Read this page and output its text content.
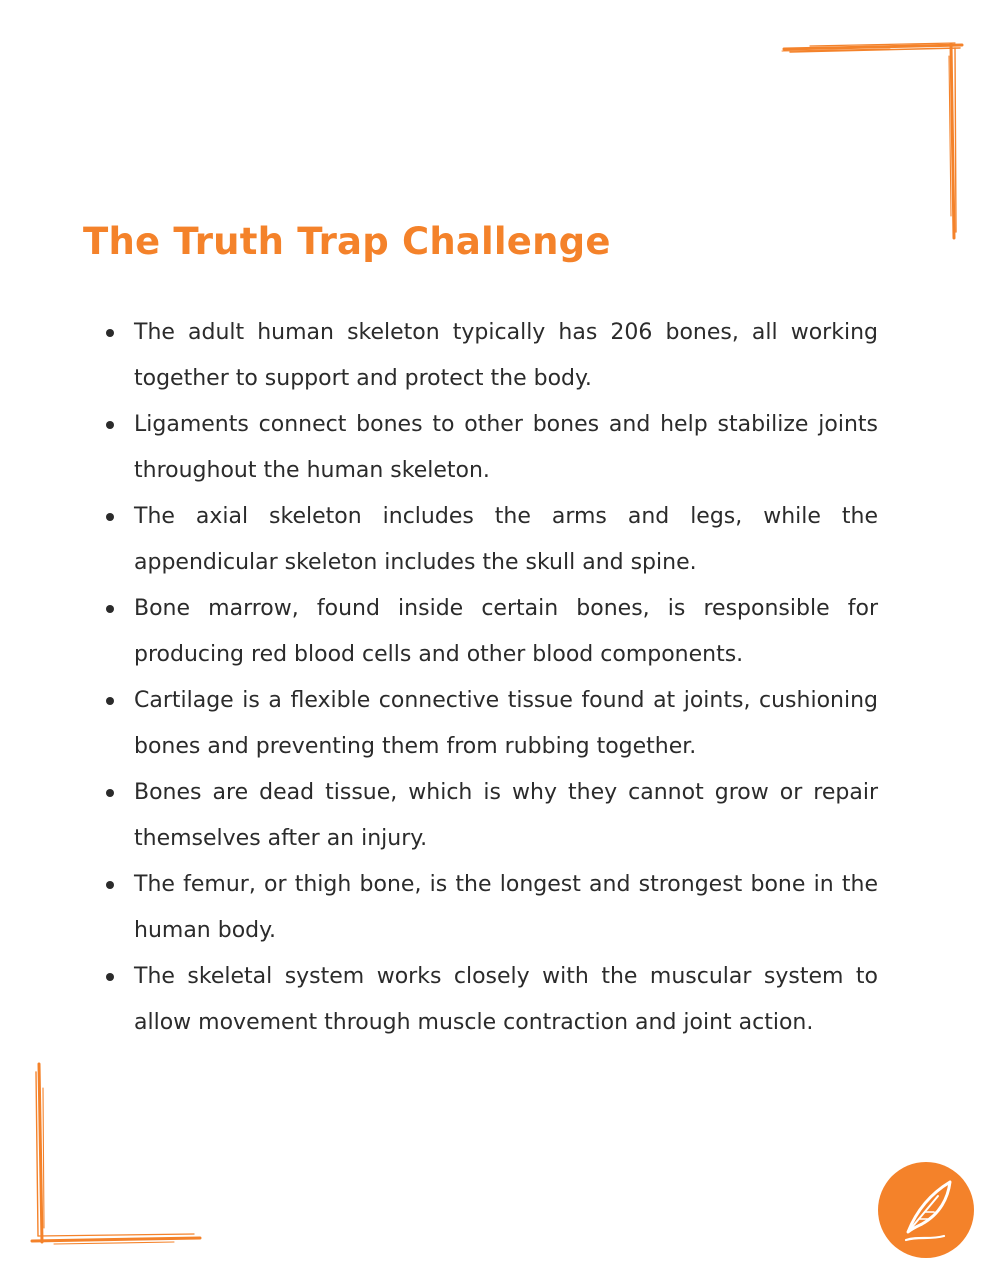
The Truth Trap Challenge
The adult human skeleton typically has 206 bones, all working together to support and protect the body.
Ligaments connect bones to other bones and help stabilize joints throughout the human skeleton.
The axial skeleton includes the arms and legs, while the appendicular skeleton includes the skull and spine.
Bone marrow, found inside certain bones, is responsible for producing red blood cells and other blood components.
Cartilage is a flexible connective tissue found at joints, cushioning bones and preventing them from rubbing together.
Bones are dead tissue, which is why they cannot grow or repair themselves after an injury.
The femur, or thigh bone, is the longest and strongest bone in the human body.
The skeletal system works closely with the muscular system to allow movement through muscle contraction and joint action.
